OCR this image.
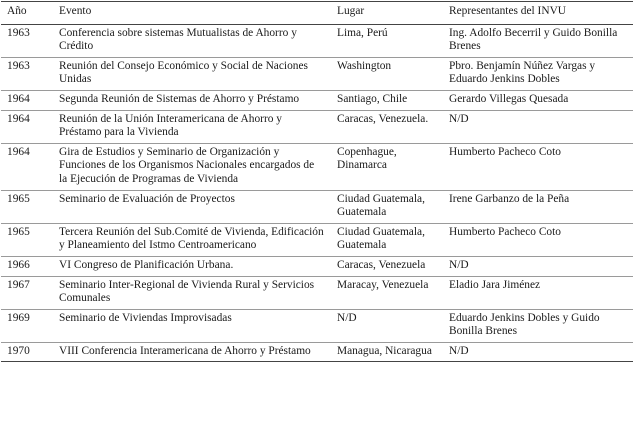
Año	Evento	Lugar	Representantes del INVU
1963	Conferencia sobre sistemas Mutualistas de Ahorro y Crédito	Lima, Perú	Ing. Adolfo Becerril y Guido Bonilla Brenes
1963	Reunión del Consejo Económico y Social de Naciones Unidas	Washington	Pbro. Benjamín Núñez Vargas y Eduardo Jenkins Dobles
1964	Segunda Reunión de Sistemas de Ahorro y Préstamo	Santiago, Chile	Gerardo Villegas Quesada
1964	Reunión de la Unión Interamericana de Ahorro y Préstamo para la Vivienda	Caracas, Venezuela.	N/D
1964	Gira de Estudios y Seminario de Organización y Funciones de los Organismos Nacionales encargados de la Ejecución de Programas de Vivienda	Copenhague, Dinamarca	Humberto Pacheco Coto
1965	Seminario de Evaluación de Proyectos	Ciudad Guatemala, Guatemala	Irene Garbanzo de la Peña
1965	Tercera Reunión del Sub.Comité de Vivienda, Edificación y Planeamiento del Istmo Centroamericano	Ciudad Guatemala, Guatemala	Humberto Pacheco Coto
1966	VI Congreso de Planificación Urbana.	Caracas, Venezuela	N/D
1967	Seminario Inter-Regional de Vivienda Rural y Servicios Comunales	Maracay, Venezuela	Eladio Jara Jiménez
1969	Seminario de Viviendas Improvisadas	N/D	Eduardo Jenkins Dobles y Guido Bonilla Brenes
1970	VIII Conferencia Interamericana de Ahorro y Préstamo	Managua, Nicaragua	N/D
